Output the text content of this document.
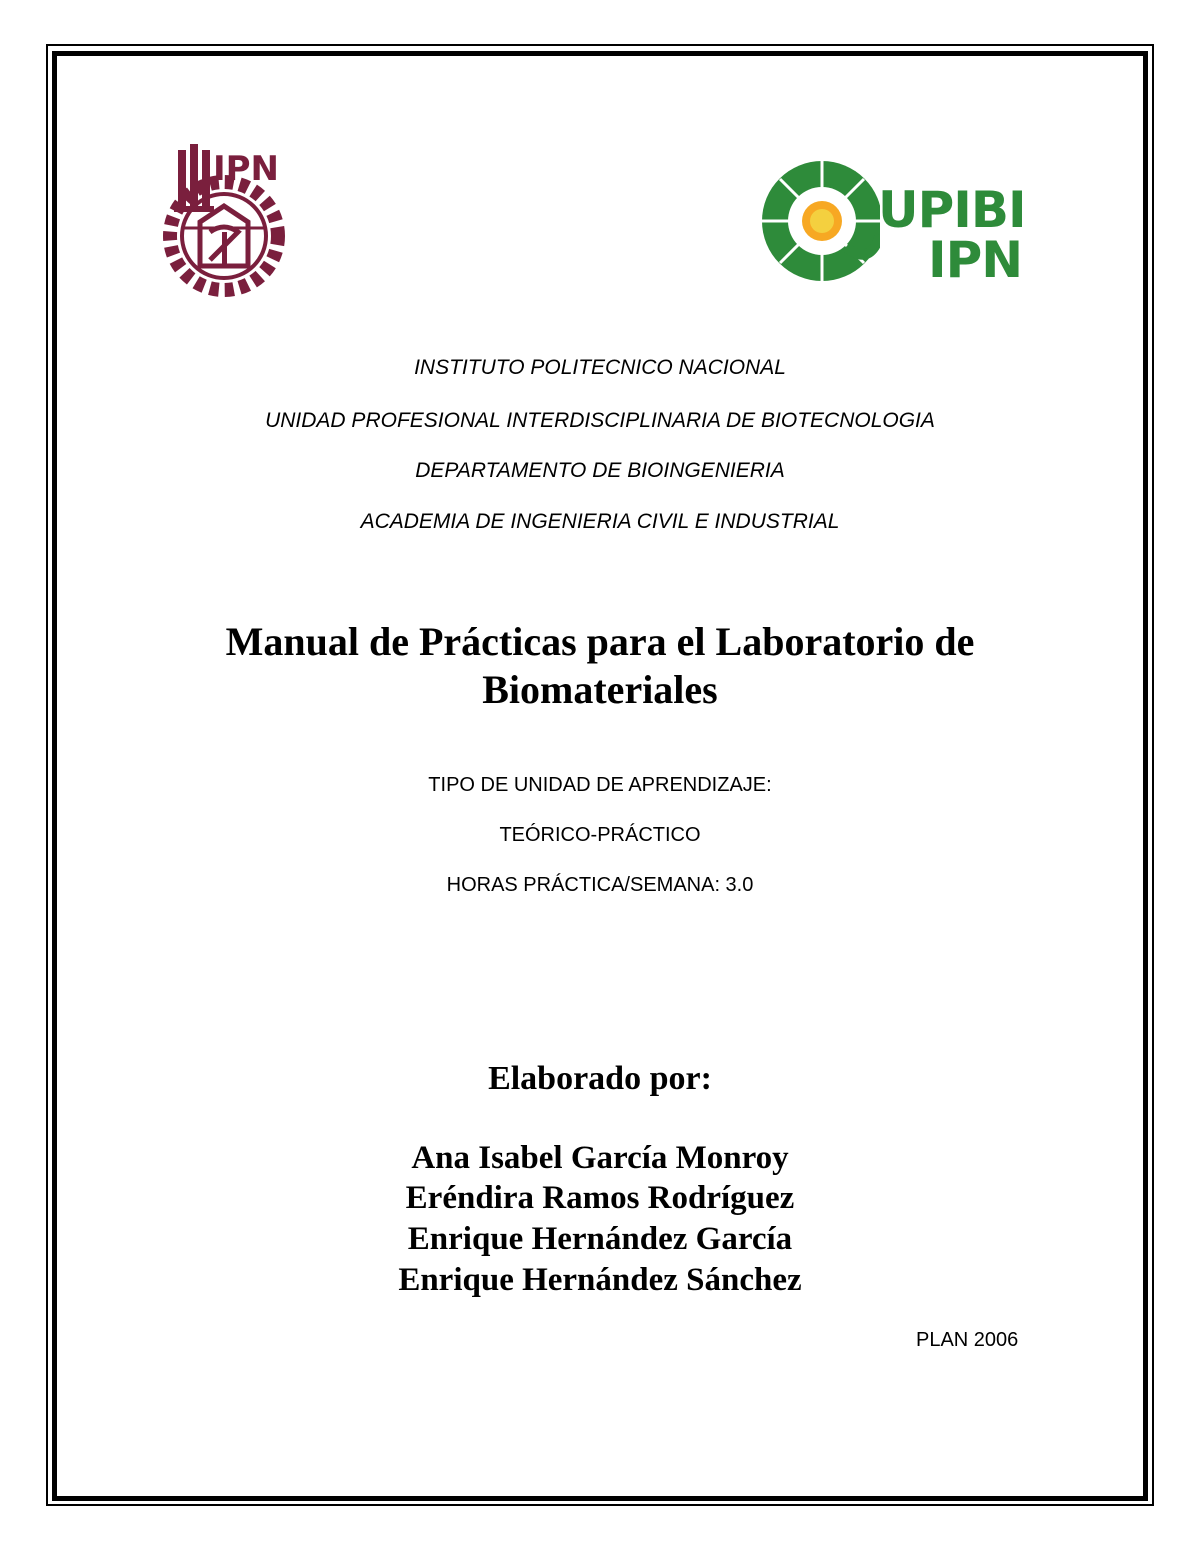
IPN
UPIBI
IPN
INSTITUTO POLITECNICO NACIONAL
UNIDAD PROFESIONAL INTERDISCIPLINARIA DE BIOTECNOLOGIA
DEPARTAMENTO DE BIOINGENIERIA
ACADEMIA DE INGENIERIA CIVIL E INDUSTRIAL
Manual de Prácticas para el Laboratorio de
Biomateriales
TIPO DE UNIDAD DE APRENDIZAJE:
TEÓRICO-PRÁCTICO
HORAS PRÁCTICA/SEMANA: 3.0
Elaborado por:
Ana Isabel García Monroy
Eréndira Ramos Rodríguez
Enrique Hernández García
Enrique Hernández Sánchez
PLAN 2006
